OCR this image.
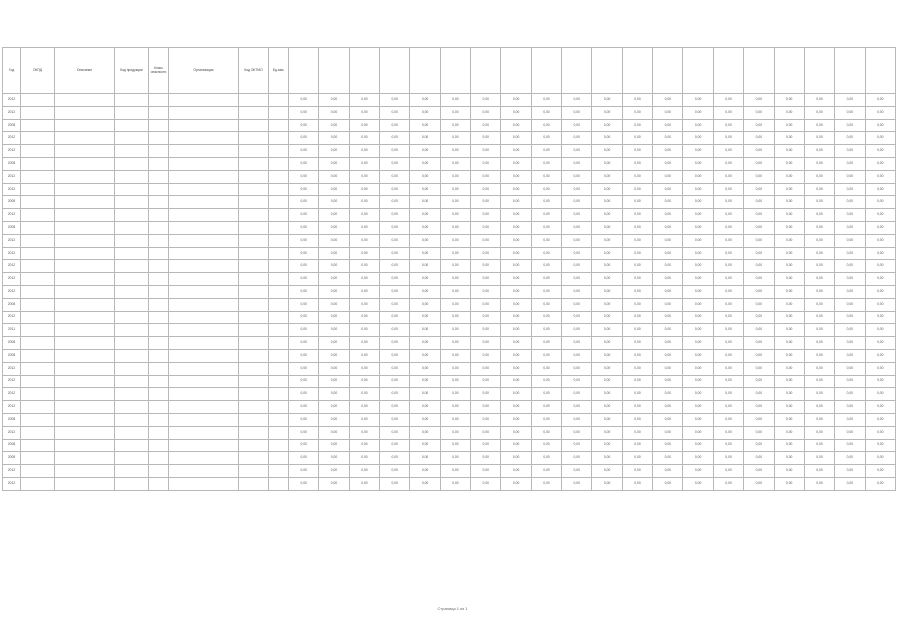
Год	ОКПД	Описание	Код продукции	Класс опасности	Организация	Код ОКТМО	Ед.изм.																				
2012								0,00	0,00	0,00	0,00	0,00	0,00	0,00	0,00	0,00	0,00	0,00	0,00	0,00	0,00	0,00	0,00	0,00	0,00	0,00	0,00
2012								0,00	0,00	0,00	0,00	0,00	0,00	0,00	0,00	0,00	0,00	0,00	0,00	0,00	0,00	0,00	0,00	0,00	0,00	0,00	0,00
2008								0,00	0,00	0,00	0,00	0,00	0,00	0,00	0,00	0,00	0,00	0,00	0,00	0,00	0,00	0,00	0,00	0,00	0,00	0,00	0,00
2012								0,00	0,00	0,00	0,00	0,00	0,00	0,00	0,00	0,00	0,00	0,00	0,00	0,00	0,00	0,00	0,00	0,00	0,00	0,00	0,00
2012								0,00	0,00	0,00	0,00	0,00	0,00	0,00	0,00	0,00	0,00	0,00	0,00	0,00	0,00	0,00	0,00	0,00	0,00	0,00	0,00
2008								0,00	0,00	0,00	0,00	0,00	0,00	0,00	0,00	0,00	0,00	0,00	0,00	0,00	0,00	0,00	0,00	0,00	0,00	0,00	0,00
2012								0,00	0,00	0,00	0,00	0,00	0,00	0,00	0,00	0,00	0,00	0,00	0,00	0,00	0,00	0,00	0,00	0,00	0,00	0,00	0,00
2012								0,00	0,00	0,00	0,00	0,00	0,00	0,00	0,00	0,00	0,00	0,00	0,00	0,00	0,00	0,00	0,00	0,00	0,00	0,00	0,00
2008								0,00	0,00	0,00	0,00	0,00	0,00	0,00	0,00	0,00	0,00	0,00	0,00	0,00	0,00	0,00	0,00	0,00	0,00	0,00	0,00
2012								0,00	0,00	0,00	0,00	0,00	0,00	0,00	0,00	0,00	0,00	0,00	0,00	0,00	0,00	0,00	0,00	0,00	0,00	0,00	0,00
2008								0,00	0,00	0,00	0,00	0,00	0,00	0,00	0,00	0,00	0,00	0,00	0,00	0,00	0,00	0,00	0,00	0,00	0,00	0,00	0,00
2012								0,00	0,00	0,00	0,00	0,00	0,00	0,00	0,00	0,00	0,00	0,00	0,00	0,00	0,00	0,00	0,00	0,00	0,00	0,00	0,00
2012								0,00	0,00	0,00	0,00	0,00	0,00	0,00	0,00	0,00	0,00	0,00	0,00	0,00	0,00	0,00	0,00	0,00	0,00	0,00	0,00
2012								0,00	0,00	0,00	0,00	0,00	0,00	0,00	0,00	0,00	0,00	0,00	0,00	0,00	0,00	0,00	0,00	0,00	0,00	0,00	0,00
2012								0,00	0,00	0,00	0,00	0,00	0,00	0,00	0,00	0,00	0,00	0,00	0,00	0,00	0,00	0,00	0,00	0,00	0,00	0,00	0,00
2012								0,00	0,00	0,00	0,00	0,00	0,00	0,00	0,00	0,00	0,00	0,00	0,00	0,00	0,00	0,00	0,00	0,00	0,00	0,00	0,00
2008								0,00	0,00	0,00	0,00	0,00	0,00	0,00	0,00	0,00	0,00	0,00	0,00	0,00	0,00	0,00	0,00	0,00	0,00	0,00	0,00
2012								0,00	0,00	0,00	0,00	0,00	0,00	0,00	0,00	0,00	0,00	0,00	0,00	0,00	0,00	0,00	0,00	0,00	0,00	0,00	0,00
2011								0,00	0,00	0,00	0,00	0,00	0,00	0,00	0,00	0,00	0,00	0,00	0,00	0,00	0,00	0,00	0,00	0,00	0,00	0,00	0,00
2008								0,00	0,00	0,00	0,00	0,00	0,00	0,00	0,00	0,00	0,00	0,00	0,00	0,00	0,00	0,00	0,00	0,00	0,00	0,00	0,00
2008								0,00	0,00	0,00	0,00	0,00	0,00	0,00	0,00	0,00	0,00	0,00	0,00	0,00	0,00	0,00	0,00	0,00	0,00	0,00	0,00
2012								0,00	0,00	0,00	0,00	0,00	0,00	0,00	0,00	0,00	0,00	0,00	0,00	0,00	0,00	0,00	0,00	0,00	0,00	0,00	0,00
2012								0,00	0,00	0,00	0,00	0,00	0,00	0,00	0,00	0,00	0,00	0,00	0,00	0,00	0,00	0,00	0,00	0,00	0,00	0,00	0,00
2012								0,00	0,00	0,00	0,00	0,00	0,00	0,00	0,00	0,00	0,00	0,00	0,00	0,00	0,00	0,00	0,00	0,00	0,00	0,00	0,00
2012								0,00	0,00	0,00	0,00	0,00	0,00	0,00	0,00	0,00	0,00	0,00	0,00	0,00	0,00	0,00	0,00	0,00	0,00	0,00	0,00
2008								0,00	0,00	0,00	0,00	0,00	0,00	0,00	0,00	0,00	0,00	0,00	0,00	0,00	0,00	0,00	0,00	0,00	0,00	0,00	0,00
2012								0,00	0,00	0,00	0,00	0,00	0,00	0,00	0,00	0,00	0,00	0,00	0,00	0,00	0,00	0,00	0,00	0,00	0,00	0,00	0,00
2008								0,00	0,00	0,00	0,00	0,00	0,00	0,00	0,00	0,00	0,00	0,00	0,00	0,00	0,00	0,00	0,00	0,00	0,00	0,00	0,00
2008								0,00	0,00	0,00	0,00	0,00	0,00	0,00	0,00	0,00	0,00	0,00	0,00	0,00	0,00	0,00	0,00	0,00	0,00	0,00	0,00
2012								0,00	0,00	0,00	0,00	0,00	0,00	0,00	0,00	0,00	0,00	0,00	0,00	0,00	0,00	0,00	0,00	0,00	0,00	0,00	0,00
2012								0,00	0,00	0,00	0,00	0,00	0,00	0,00	0,00	0,00	0,00	0,00	0,00	0,00	0,00	0,00	0,00	0,00	0,00	0,00	0,00
Страница 1 из 1
